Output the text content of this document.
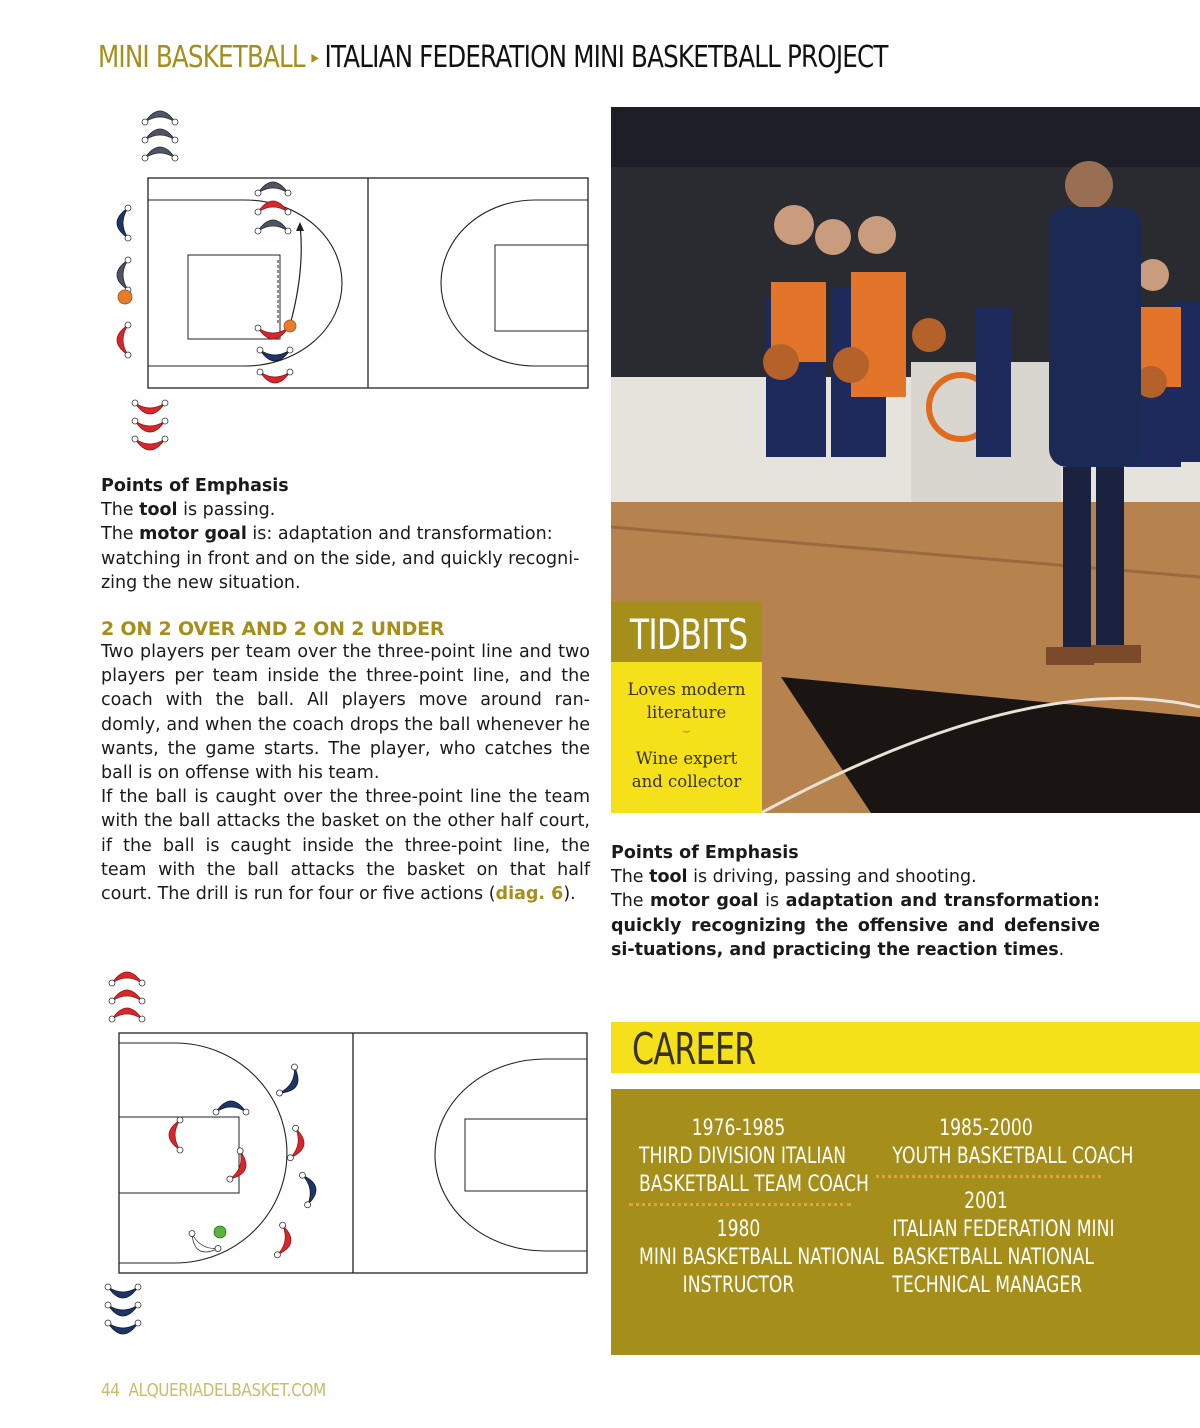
MINI BASKETBALL ▸ ITALIAN FEDERATION MINI BASKETBALL PROJECT
Points of Emphasis
The tool is passing.
The motor goal is: adaptation and transformation: watching in front and on the side, and quickly recogni-zing the new situation.
2 ON 2 OVER AND 2 ON 2 UNDER
Two players per team over the three-point line and two players per team inside the three-point line, and the coach with the ball. All players move around ran-domly, and when the coach drops the ball whenever he wants, the game starts. The player, who catches the ball is on offense with his team.
If the ball is caught over the three-point line the team with the ball attacks the basket on the other half court, if the ball is caught inside the three-point line, the team with the ball attacks the basket on that half court. The drill is run for four or five actions (diag. 6).
TIDBITS
Loves modern
literature
⌣
Wine expert
and collector
Points of Emphasis
The tool is driving, passing and shooting.
The motor goal is adaptation and transformation: quickly recognizing the offensive and defensive si-tuations, and practicing the reaction times.
CAREER
1976-1985
THIRD DIVISION ITALIAN
BASKETBALL TEAM COACH
1980
MINI BASKETBALL NATIONAL
INSTRUCTOR
1985-2000
YOUTH BASKETBALL COACH
2001
ITALIAN FEDERATION MINI
BASKETBALL NATIONAL
TECHNICAL MANAGER
44 ALQUERIADELBASKET.COM
